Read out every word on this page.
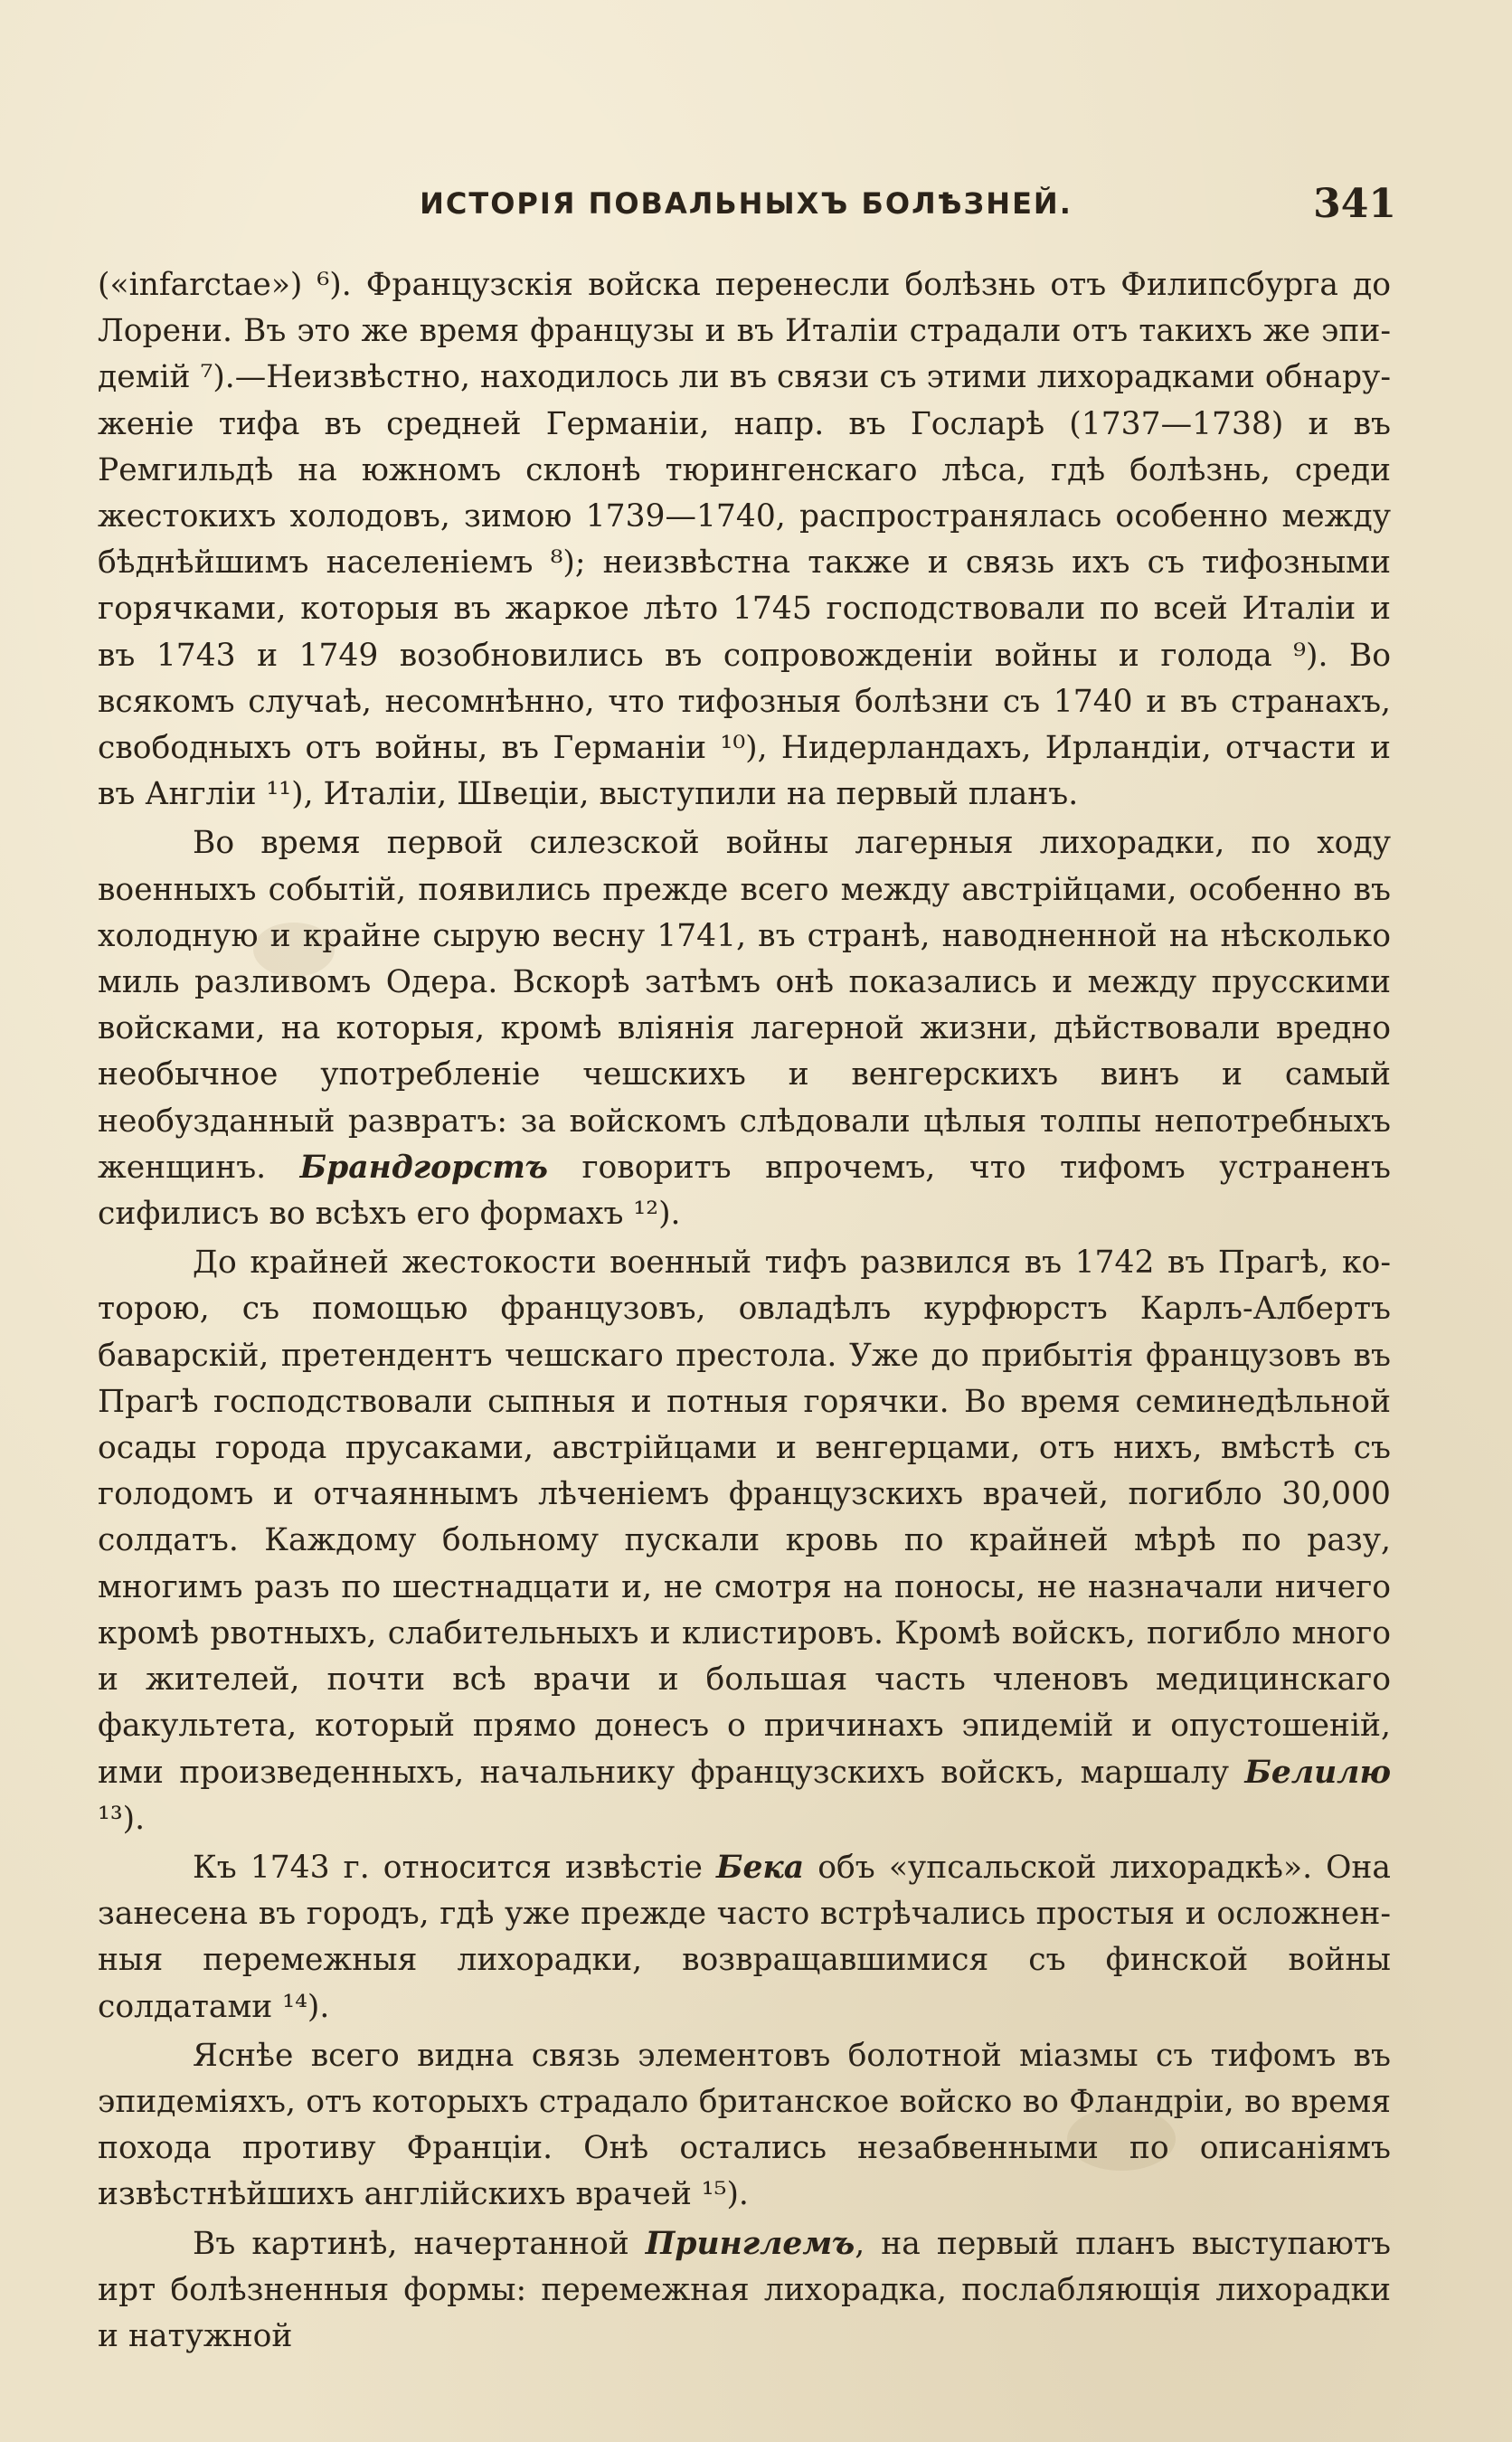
ИСТОРІЯ ПОВАЛЬНЫХЪ БОЛѢЗНЕЙ.	341

(«infarctae») ⁶). Французскія войска перенесли болѣзнь отъ Филипсбурга до Лорени. Въ это же время французы и въ Италіи страдали отъ такихъ же эпидемій ⁷).—Неизвѣстно, находилось ли въ связи съ этими лихорадками обнаруженіе тифа въ средней Германіи, напр. въ Госларѣ (1737—1738) и въ Ремгильдѣ на южномъ склонѣ тюрингенскаго лѣса, гдѣ болѣзнь, среди жестокихъ холодовъ, зимою 1739—1740, распространялась особенно между бѣднѣйшимъ населеніемъ ⁸); неизвѣстна также и связь ихъ съ тифозными горячками, которыя въ жаркое лѣто 1745 господствовали по всей Италіи и въ 1743 и 1749 возобновились въ сопровожденіи войны и голода ⁹). Во всякомъ случаѣ, несомнѣнно, что тифозныя болѣзни съ 1740 и въ странахъ, свободныхъ отъ войны, въ Германіи ¹⁰), Нидерландахъ, Ирландіи, отчасти и въ Англіи ¹¹), Италіи, Швеціи, выступили на первый планъ.

Во время первой силезской войны лагерныя лихорадки, по ходу военныхъ событій, появились прежде всего между австрійцами, особенно въ холодную и крайне сырую весну 1741, въ странѣ, наводненной на нѣсколько миль разливомъ Одера. Вскорѣ затѣмъ онѣ показались и между прусскими войсками, на которыя, кромѣ вліянія лагерной жизни, дѣйствовали вредно необычное употребленіе чешскихъ и венгерскихъ винъ и самый необузданный развратъ: за войскомъ слѣдовали цѣлыя толпы непотребныхъ женщинъ. Брандгорстъ говоритъ впрочемъ, что тифомъ устраненъ сифилисъ во всѣхъ его формахъ ¹²).

До крайней жестокости военный тифъ развился въ 1742 въ Прагѣ, которою, съ помощью французовъ, овладѣлъ курфюрстъ Карлъ-Албертъ баварскій, претендентъ чешскаго престола. Уже до прибытія французовъ въ Прагѣ господствовали сыпныя и потныя горячки. Во время семинедѣльной осады города прусаками, австрійцами и венгерцами, отъ нихъ, вмѣстѣ съ голодомъ и отчаяннымъ лѣченіемъ французскихъ врачей, погибло 30,000 солдатъ. Каждому больному пускали кровь по крайней мѣрѣ по разу, многимъ разъ по шестнадцати и, не смотря на поносы, не назначали ничего кромѣ рвотныхъ, слабительныхъ и клистировъ. Кромѣ войскъ, погибло много и жителей, почти всѣ врачи и большая часть членовъ медицинскаго факультета, который прямо донесъ о причинахъ эпидемій и опустошеній, ими произведенныхъ, начальнику французскихъ войскъ, маршалу Белилю ¹³).

Къ 1743 г. относится извѣстіе Бека объ «упсальской лихорадкѣ». Она занесена въ городъ, гдѣ уже прежде часто встрѣчались простыя и осложненныя перемежныя лихорадки, возвращавшимися съ финской войны солдатами ¹⁴).

Яснѣе всего видна связь элементовъ болотной міазмы съ тифомъ въ эпидеміяхъ, отъ которыхъ страдало британское войско во Фландріи, во время похода противу Франціи. Онѣ остались незабвенными по описаніямъ извѣстнѣйшихъ англійскихъ врачей ¹⁵).

Въ картинѣ, начертанной Принглемъ, на первый планъ выступаютъ ирт болѣзненныя формы: перемежная лихорадка, послабляющія лихорадки и натужной
